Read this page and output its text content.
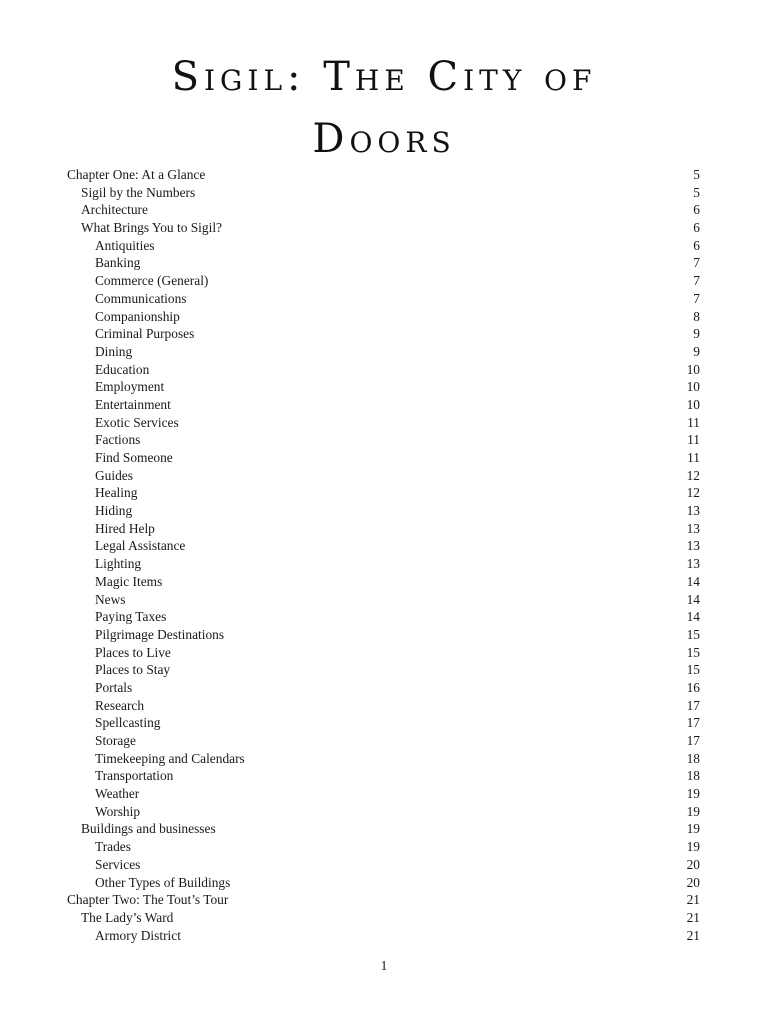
Sigil: The City of
Doors
Chapter One: At a Glance	5
Sigil by the Numbers	5
Architecture	6
What Brings You to Sigil?	6
Antiquities	6
Banking	7
Commerce (General)	7
Communications	7
Companionship	8
Criminal Purposes	9
Dining	9
Education	10
Employment	10
Entertainment	10
Exotic Services	11
Factions	11
Find Someone	11
Guides	12
Healing	12
Hiding	13
Hired Help	13
Legal Assistance	13
Lighting	13
Magic Items	14
News	14
Paying Taxes	14
Pilgrimage Destinations	15
Places to Live	15
Places to Stay	15
Portals	16
Research	17
Spellcasting	17
Storage	17
Timekeeping and Calendars	18
Transportation	18
Weather	19
Worship	19
Buildings and businesses	19
Trades	19
Services	20
Other Types of Buildings	20
Chapter Two: The Tout’s Tour	21
The Lady’s Ward	21
Armory District	21
1
